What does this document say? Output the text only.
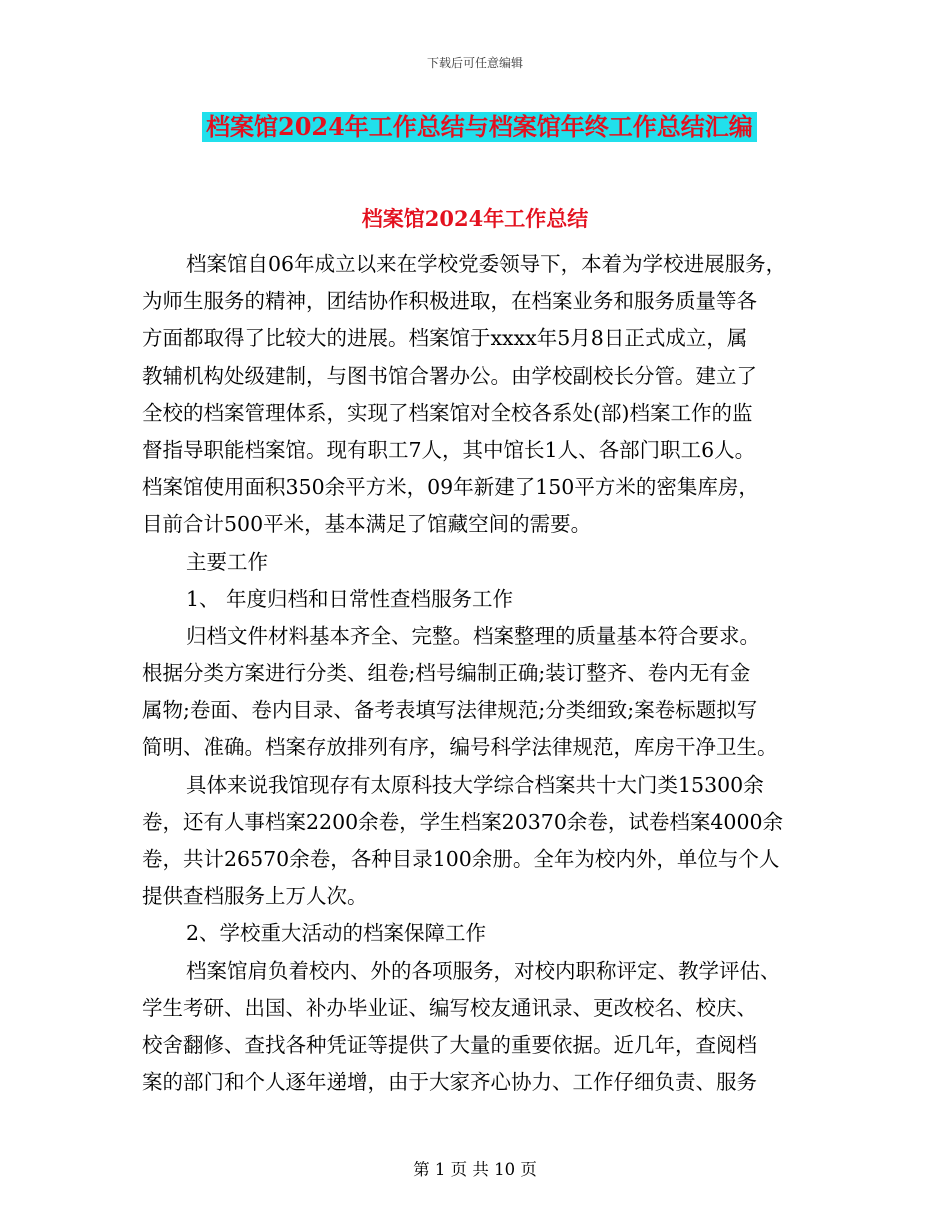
下载后可任意编辑
档案馆2024年工作总结与档案馆年终工作总结汇编
档案馆2024年工作总结
档案馆自06年成立以来在学校党委领导下，本着为学校进展服务，
为师生服务的精神，团结协作积极进取，在档案业务和服务质量等各
方面都取得了比较大的进展。档案馆于xxxx年5月8日正式成立，属
教辅机构处级建制，与图书馆合署办公。由学校副校长分管。建立了
全校的档案管理体系，实现了档案馆对全校各系处(部)档案工作的监
督指导职能档案馆。现有职工7人，其中馆长1人、各部门职工6人。
档案馆使用面积350余平方米，09年新建了150平方米的密集库房，
目前合计500平米，基本满足了馆藏空间的需要。
主要工作
1、 年度归档和日常性查档服务工作
归档文件材料基本齐全、完整。档案整理的质量基本符合要求。
根据分类方案进行分类、组卷;档号编制正确;装订整齐、卷内无有金
属物;卷面、卷内目录、备考表填写法律规范;分类细致;案卷标题拟写
简明、准确。档案存放排列有序，编号科学法律规范，库房干净卫生。
具体来说我馆现存有太原科技大学综合档案共十大门类15300余
卷，还有人事档案2200余卷，学生档案20370余卷，试卷档案4000余
卷，共计26570余卷，各种目录100余册。全年为校内外，单位与个人
提供查档服务上万人次。
2、学校重大活动的档案保障工作
档案馆肩负着校内、外的各项服务，对校内职称评定、教学评估、
学生考研、出国、补办毕业证、编写校友通讯录、更改校名、校庆、
校舍翻修、查找各种凭证等提供了大量的重要依据。近几年，查阅档
案的部门和个人逐年递增，由于大家齐心协力、工作仔细负责、服务
第 1 页 共 10 页
